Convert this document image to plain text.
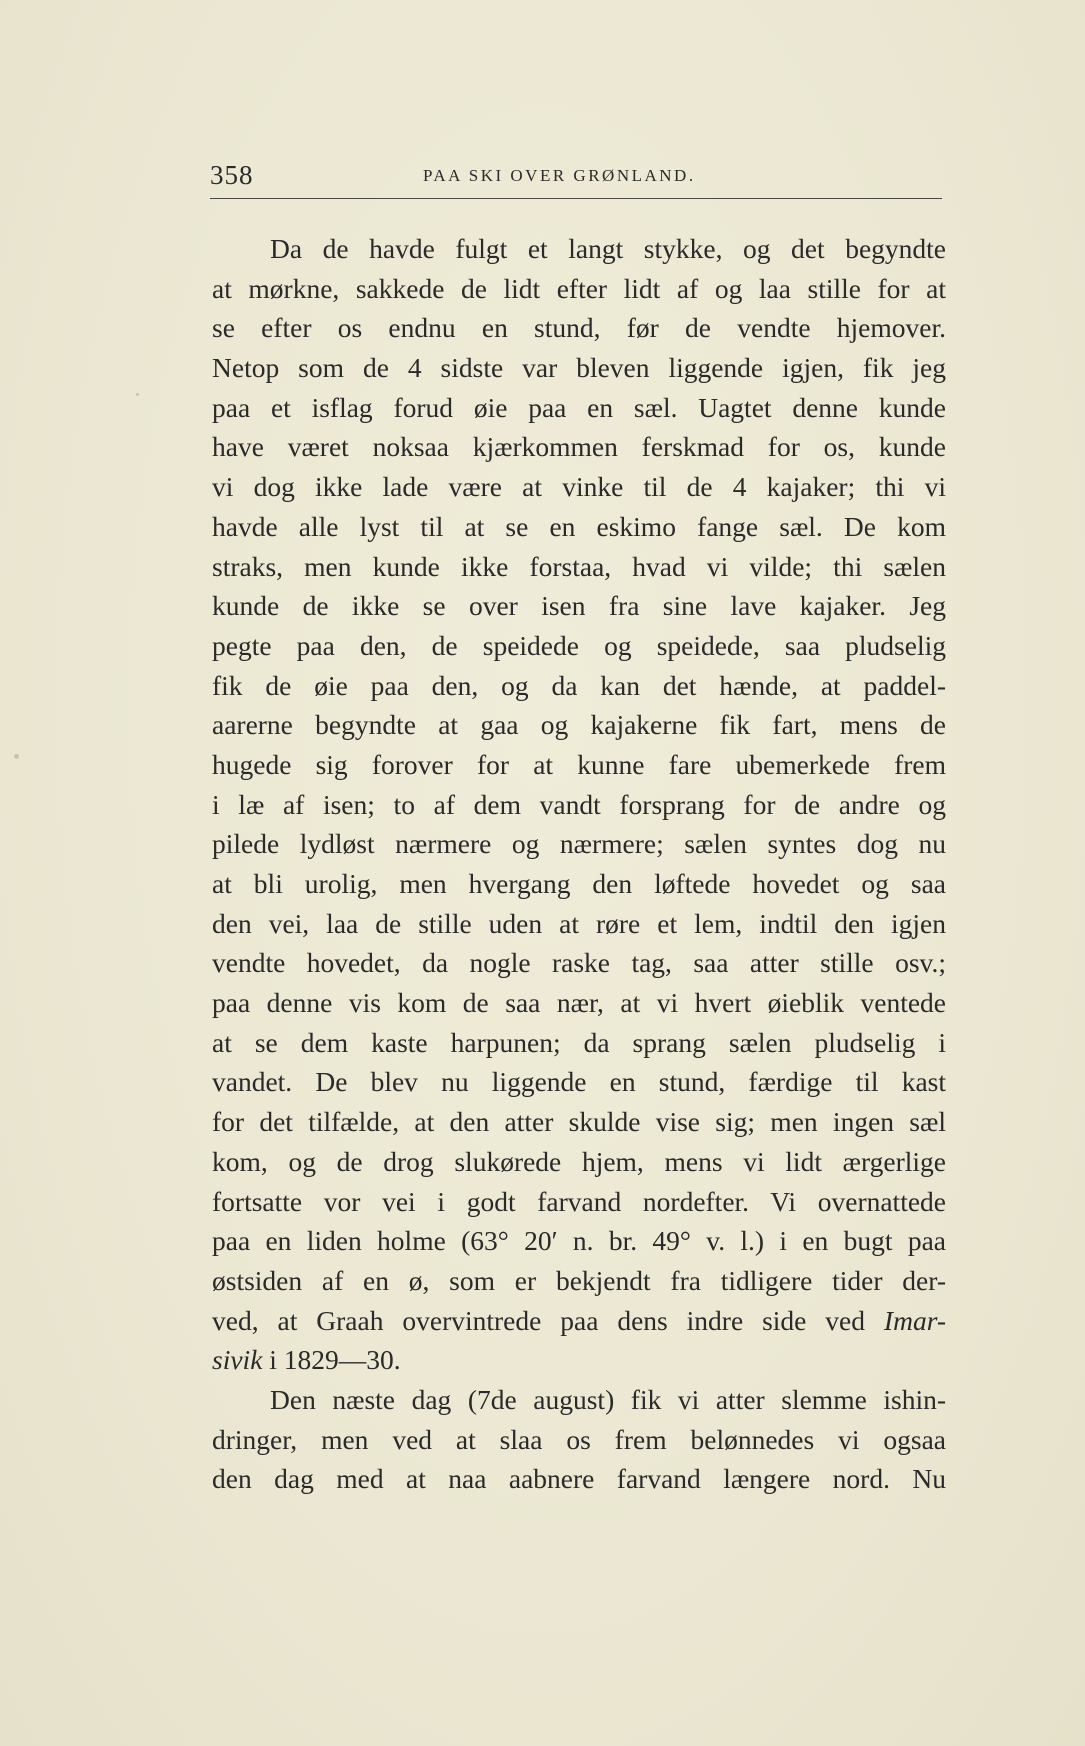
358	PAA SKI OVER GRØNLAND.
Da de havde fulgt et langt stykke, og det begyndte
at mørkne, sakkede de lidt efter lidt af og laa stille for at
se efter os endnu en stund, før de vendte hjemover.
Netop som de 4 sidste var bleven liggende igjen, fik jeg
paa et isflag forud øie paa en sæl. Uagtet denne kunde
have været noksaa kjærkommen ferskmad for os, kunde
vi dog ikke lade være at vinke til de 4 kajaker; thi vi
havde alle lyst til at se en eskimo fange sæl. De kom
straks, men kunde ikke forstaa, hvad vi vilde; thi sælen
kunde de ikke se over isen fra sine lave kajaker. Jeg
pegte paa den, de speidede og speidede, saa pludselig
fik de øie paa den, og da kan det hænde, at paddel-
aarerne begyndte at gaa og kajakerne fik fart, mens de
hugede sig forover for at kunne fare ubemerkede frem
i læ af isen; to af dem vandt forsprang for de andre og
pilede lydløst nærmere og nærmere; sælen syntes dog nu
at bli urolig, men hvergang den løftede hovedet og saa
den vei, laa de stille uden at røre et lem, indtil den igjen
vendte hovedet, da nogle raske tag, saa atter stille osv.;
paa denne vis kom de saa nær, at vi hvert øieblik ventede
at se dem kaste harpunen; da sprang sælen pludselig i
vandet. De blev nu liggende en stund, færdige til kast
for det tilfælde, at den atter skulde vise sig; men ingen sæl
kom, og de drog slukørede hjem, mens vi lidt ærgerlige
fortsatte vor vei i godt farvand nordefter. Vi overnattede
paa en liden holme (63° 20′ n. br. 49° v. l.) i en bugt paa
østsiden af en ø, som er bekjendt fra tidligere tider der-
ved, at Graah overvintrede paa dens indre side ved Imar-
sivik i 1829—30.
Den næste dag (7de august) fik vi atter slemme ishin-
dringer, men ved at slaa os frem belønnedes vi ogsaa
den dag med at naa aabnere farvand længere nord. Nu
